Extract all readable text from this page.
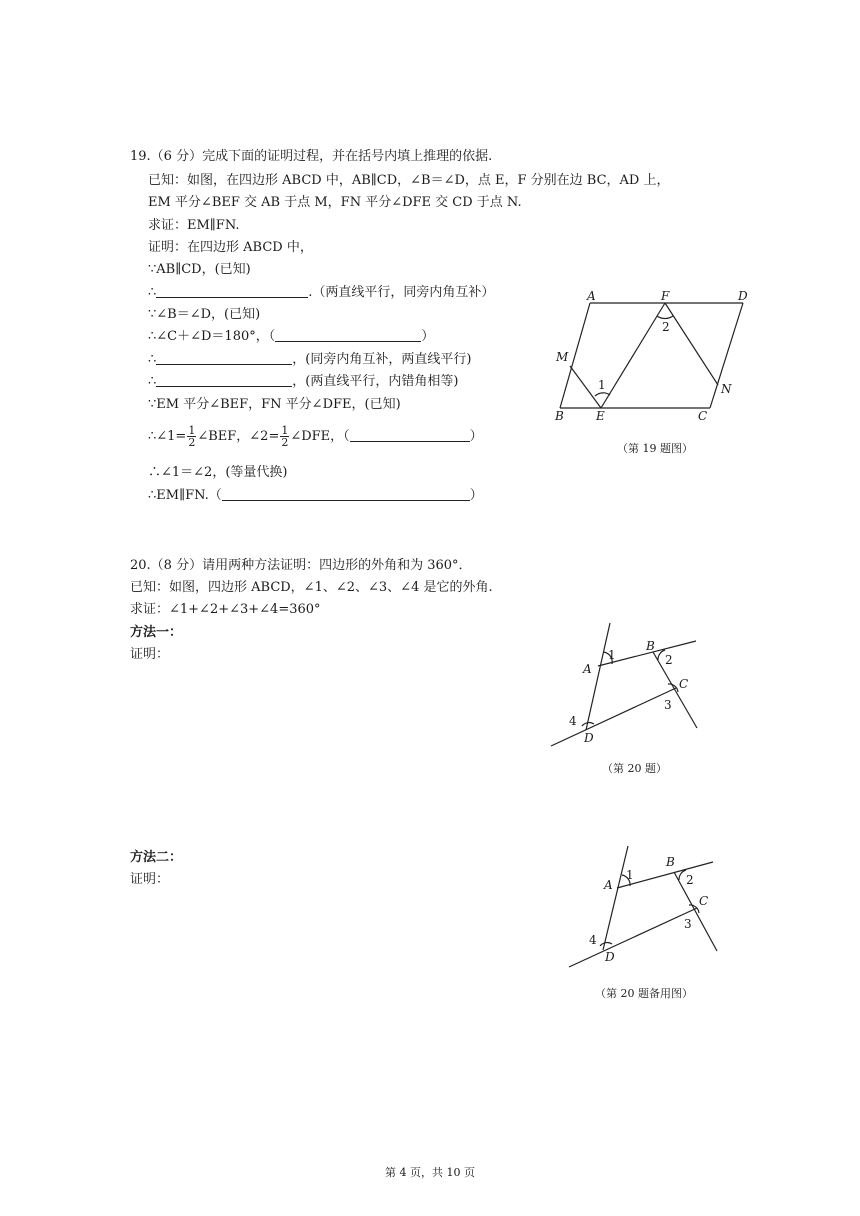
19.（6 分）完成下面的证明过程，并在括号内填上推理的依据.
已知：如图，在四边形 ABCD 中，AB∥CD，∠B＝∠D，点 E，F 分别在边 BC，AD 上，
EM 平分∠BEF 交 AB 于点 M，FN 平分∠DFE 交 CD 于点 N.
求证：EM∥FN.
证明：在四边形 ABCD 中，
∵AB∥CD，(已知)
∴	.（两直线平行，同旁内角互补）
∵∠B＝∠D，(已知)
∴∠C＋∠D＝180°，（	）
∴	，(同旁内角互补，两直线平行)
∴	，(两直线平行，内错角相等)
∵EM 平分∠BEF，FN 平分∠DFE，(已知)
∴∠1= $\frac{1}{2}$ ∠BEF，∠2= $\frac{1}{2}$ ∠DFE，（	）
∴∠1＝∠2，(等量代换)
∴EM∥FN.（	）
A	F	D
M
N
B	E	C
1
2
（第 19 题图）
20.（8 分）请用两种方法证明：四边形的外角和为 360°．
已知：如图，四边形 ABCD，∠1、∠2、∠3、∠4 是它的外角.
求证：∠1+∠2+∠3+∠4=360°
方法一：
证明：
A
B
C
D
1	2
3
4
（第 20 题）
方法二：
证明：	A
B
C
D
1	2
3
4
（第 20 题备用图）
第 4 页，共 10 页
